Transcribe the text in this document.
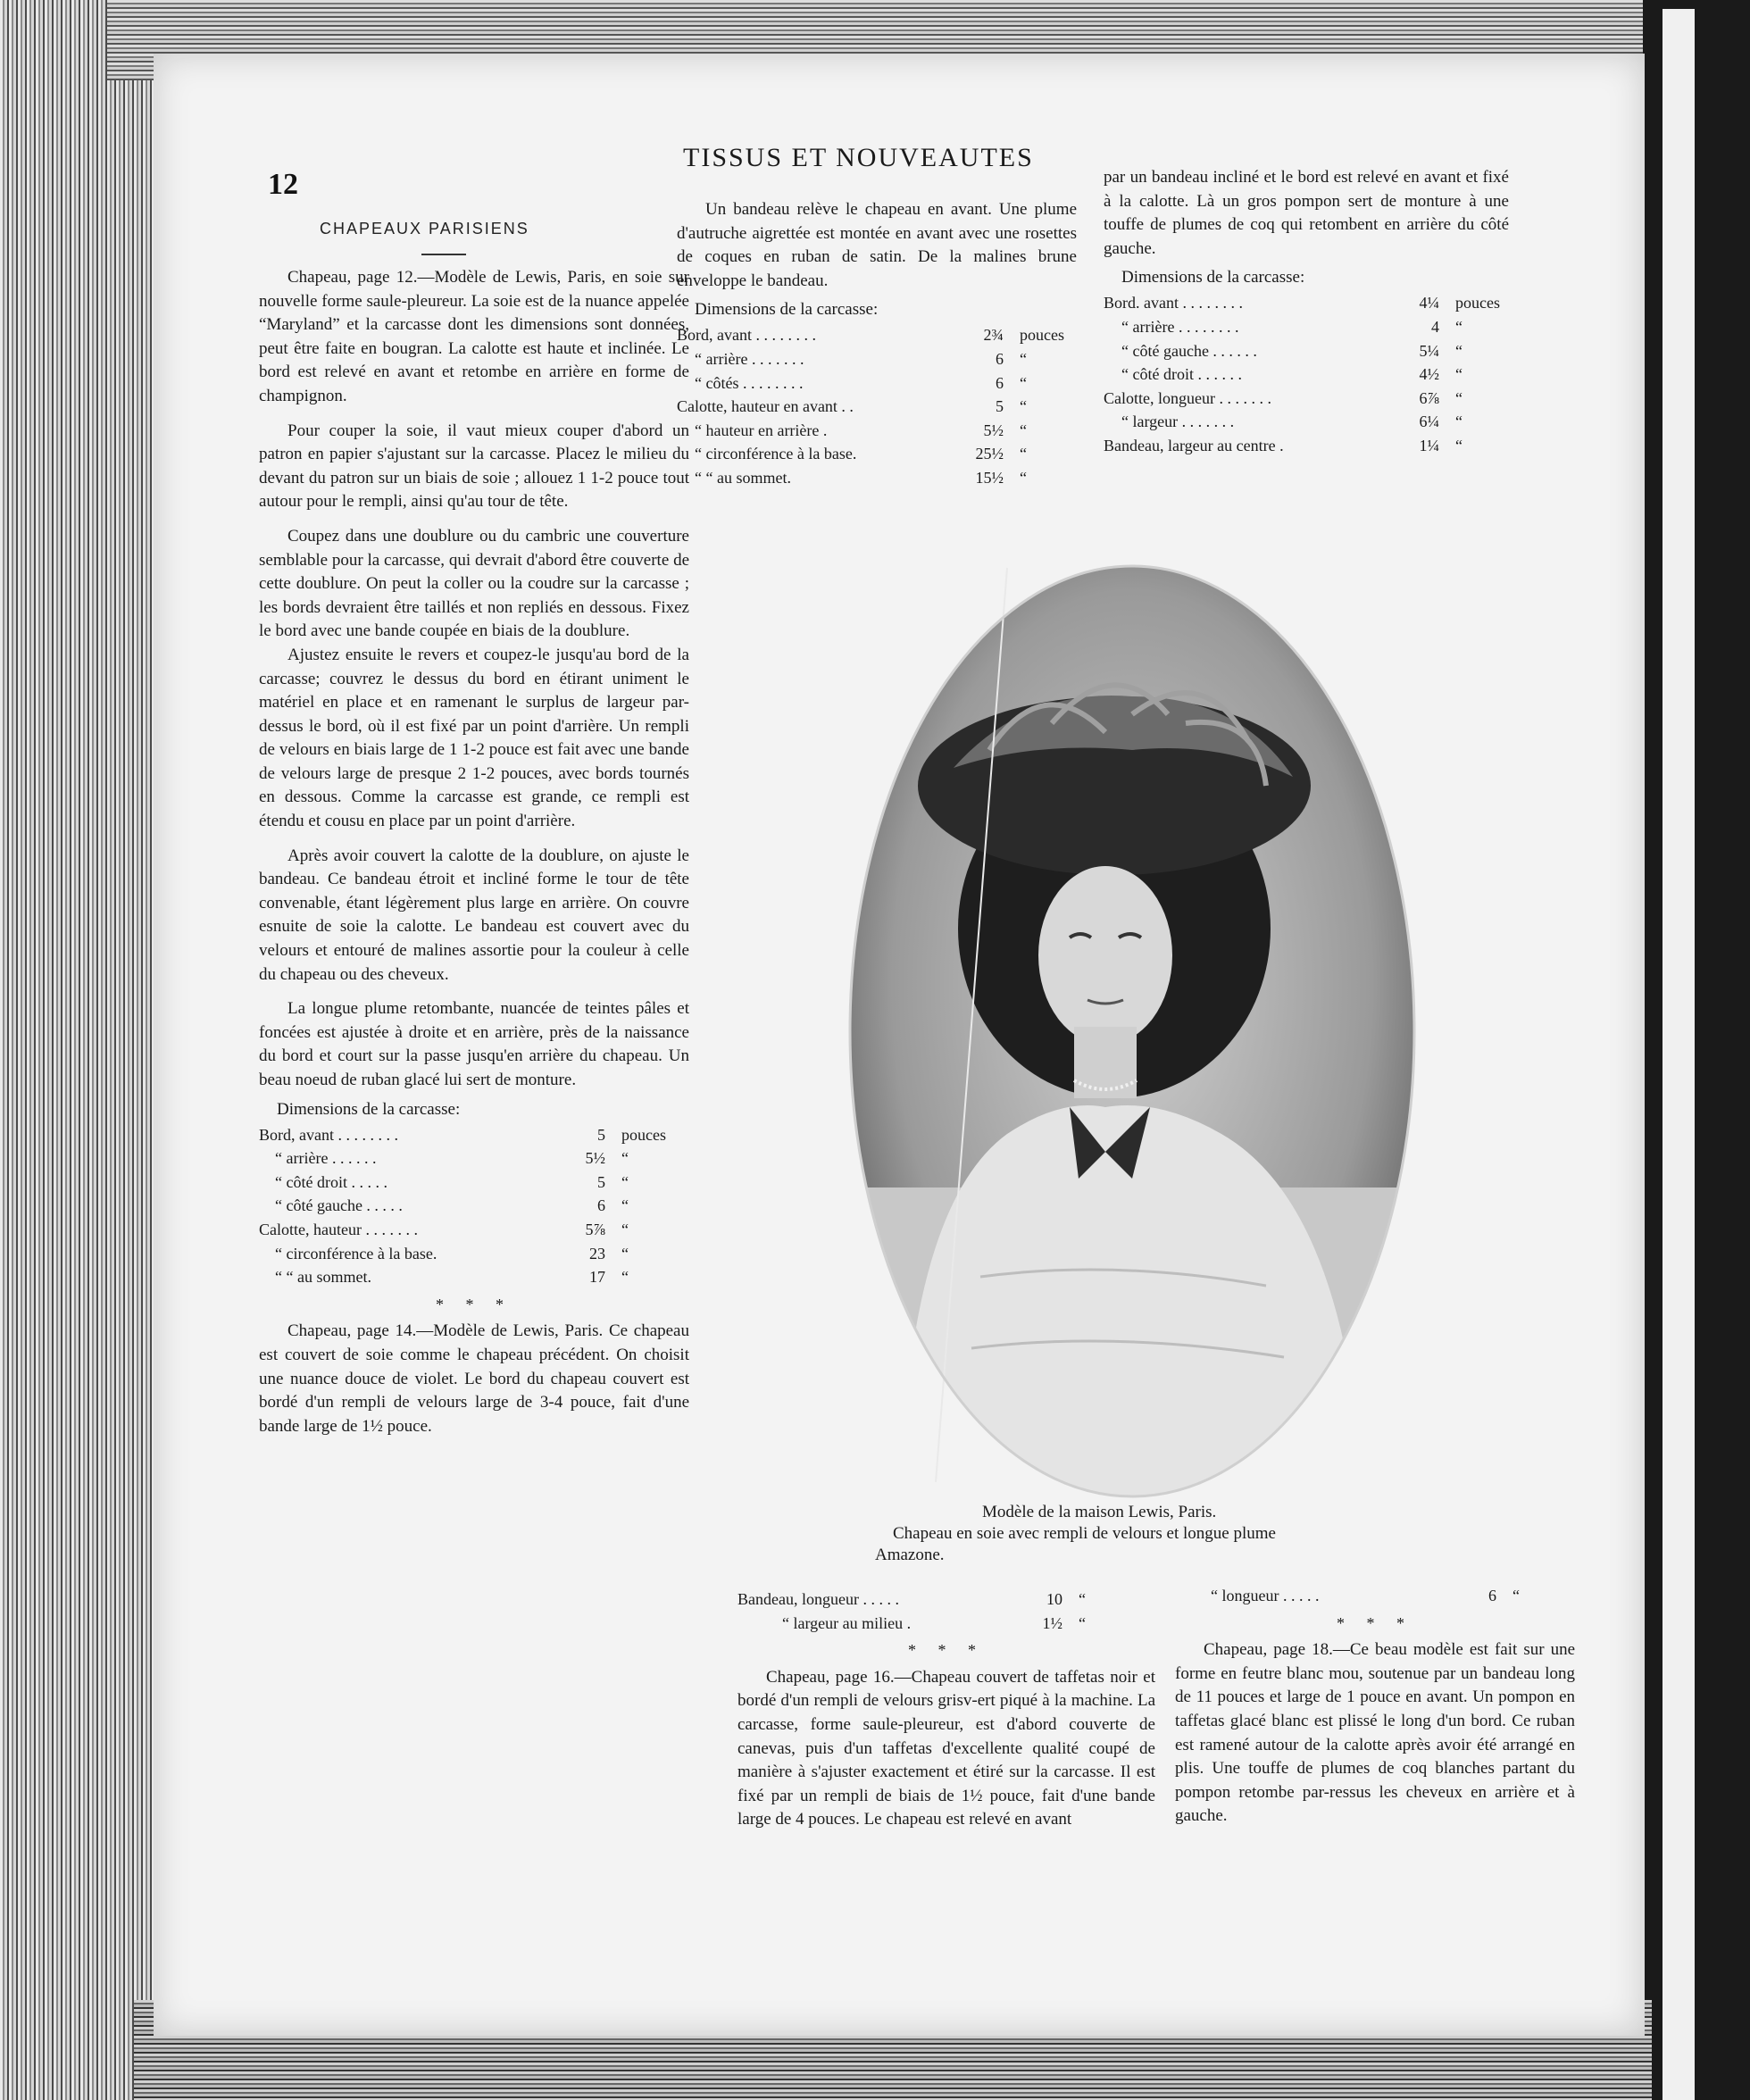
TISSUS ET NOUVEAUTES
12
CHAPEAUX PARISIENS

Chapeau, page 12.—Modèle de Lewis, Paris, en soie sur nouvelle forme saule-pleureur. La soie est de la nuance appelée “Maryland” et la carcasse dont les dimensions sont données, peut être faite en bougran. La calotte est haute et inclinée. Le bord est relevé en avant et retombe en arrière en forme de champignon.

Pour couper la soie, il vaut mieux couper d'abord un patron en papier s'ajustant sur la carcasse. Placez le milieu du devant du patron sur un biais de soie ; allouez 1 1-2 pouce tout autour pour le rempli, ainsi qu'au tour de tête.

Coupez dans une doublure ou du cambric une couverture semblable pour la carcasse, qui devrait d'abord être couverte de cette doublure. On peut la coller ou la coudre sur la carcasse ; les bords devraient être taillés et non repliés en dessous. Fixez le bord avec une bande coupée en biais de la doublure.

Ajustez ensuite le revers et coupez-le jusqu'au bord de la carcasse; couvrez le dessus du bord en étirant uniment le matériel en place et en ramenant le surplus de largeur par-dessus le bord, où il est fixé par un point d'arrière. Un rempli de velours en biais large de 1 1-2 pouce est fait avec une bande de velours large de presque 2 1-2 pouces, avec bords tournés en dessous. Comme la carcasse est grande, ce rempli est étendu et cousu en place par un point d'arrière.

Après avoir couvert la calotte de la doublure, on ajuste le bandeau. Ce bandeau étroit et incliné forme le tour de tête convenable, étant légèrement plus large en arrière. On couvre esnuite de soie la calotte. Le bandeau est couvert avec du velours et entouré de malines assortie pour la couleur à celle du chapeau ou des cheveux.

La longue plume retombante, nuancée de teintes pâles et foncées est ajustée à droite et en arrière, près de la naissance du bord et court sur la passe jusqu'en arrière du chapeau. Un beau noeud de ruban glacé lui sert de monture.

Dimensions de la carcasse:
Bord, avant . . . . . . . .	5	pouces
“ arrière . . . . . .	5½	“
“ côté droit . . . . .	5	“
“ côté gauche . . . . .	6	“
Calotte, hauteur . . . . . . .	5⅞	“
“ circonférence à la base.	23	“
“ “ au sommet.	17	“
* * *

Chapeau, page 14.—Modèle de Lewis, Paris. Ce chapeau est couvert de soie comme le chapeau précédent. On choisit une nuance douce de violet. Le bord du chapeau couvert est bordé d'un rempli de velours large de 3-4 pouce, fait d'une bande large de 1½ pouce.

Un bandeau relève le chapeau en avant. Une plume d'autruche aigrettée est montée en avant avec une rosettes de coques en ruban de satin. De la malines brune enveloppe le bandeau.

Dimensions de la carcasse:
Bord, avant . . . . . . . .	2¾	pouces
“ arrière . . . . . . .	6	“
“ côtés . . . . . . . .	6	“
Calotte, hauteur en avant . .	5	“
“ hauteur en arrière .	5½	“
“ circonférence à la base.	25½	“
“ “ au sommet.	15½	“

par un bandeau incliné et le bord est relevé en avant et fixé à la calotte. Là un gros pompon sert de monture à une touffe de plumes de coq qui retombent en arrière du côté gauche.

Dimensions de la carcasse:
Bord. avant . . . . . . . .	4¼	pouces
“ arrière . . . . . . . .	4	“
“ côté gauche . . . . . .	5¼	“
“ côté droit . . . . . .	4½	“
Calotte, longueur . . . . . . .	6⅞	“
“ largeur . . . . . . .	6¼	“
Bandeau, largeur au centre .	1¼	“
Modèle de la maison Lewis, Paris.
Chapeau en soie avec rempli de velours et longue plume
Amazone.
Bandeau, longueur . . . . .	10	“
“ largeur au milieu .	1½	“
* * *

Chapeau, page 16.—Chapeau couvert de taffetas noir et bordé d'un rempli de velours grisv-ert piqué à la machine. La carcasse, forme saule-pleureur, est d'abord couverte de canevas, puis d'un taffetas d'excellente qualité coupé de manière à s'ajuster exactement et étiré sur la carcasse. Il est fixé par un rempli de biais de 1½ pouce, fait d'une bande large de 4 pouces. Le chapeau est relevé en avant

“ longueur . . . . .	6	“
* * *

Chapeau, page 18.—Ce beau modèle est fait sur une forme en feutre blanc mou, soutenue par un bandeau long de 11 pouces et large de 1 pouce en avant. Un pompon en taffetas glacé blanc est plissé le long d'un bord. Ce ruban est ramené autour de la calotte après avoir été arrangé en plis. Une touffe de plumes de coq blanches partant du pompon retombe par-ressus les cheveux en arrière et à gauche.
